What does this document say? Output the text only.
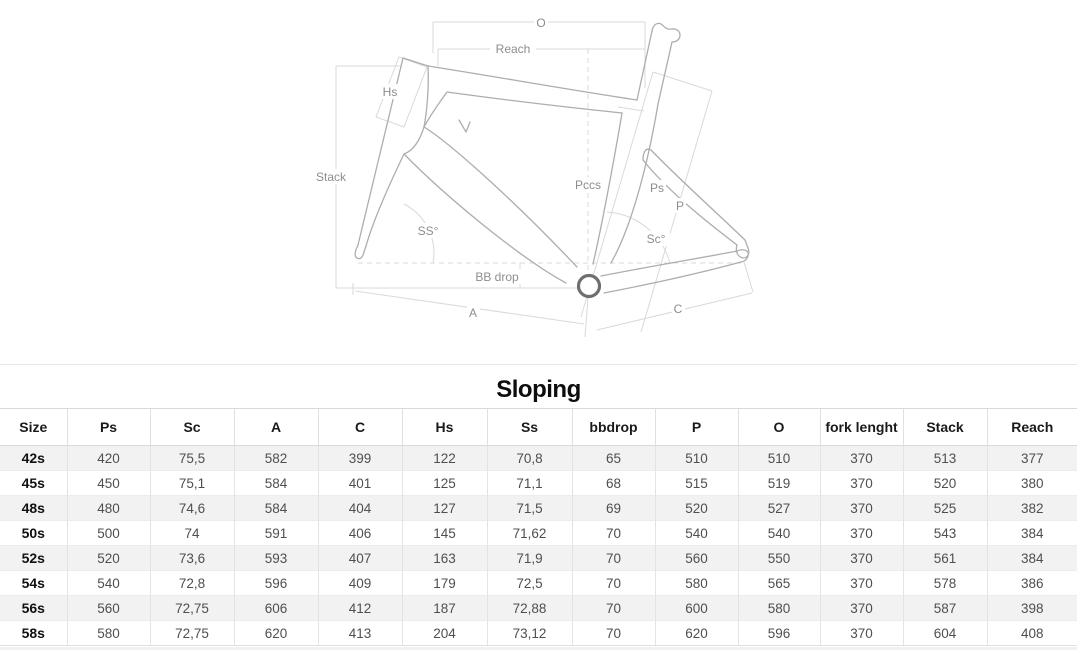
O
Reach
Hs
Stack
Pccs	Ps
P
SS°
Sc°
BB drop
A	C
Sloping
Size	Ps	Sc	A	C	Hs	Ss	bbdrop	P	O	fork lenght	Stack	Reach
42s	420	75,5	582	399	122	70,8	65	510	510	370	513	377
45s	450	75,1	584	401	125	71,1	68	515	519	370	520	380
48s	480	74,6	584	404	127	71,5	69	520	527	370	525	382
50s	500	74	591	406	145	71,62	70	540	540	370	543	384
52s	520	73,6	593	407	163	71,9	70	560	550	370	561	384
54s	540	72,8	596	409	179	72,5	70	580	565	370	578	386
56s	560	72,75	606	412	187	72,88	70	600	580	370	587	398
58s	580	72,75	620	413	204	73,12	70	620	596	370	604	408
